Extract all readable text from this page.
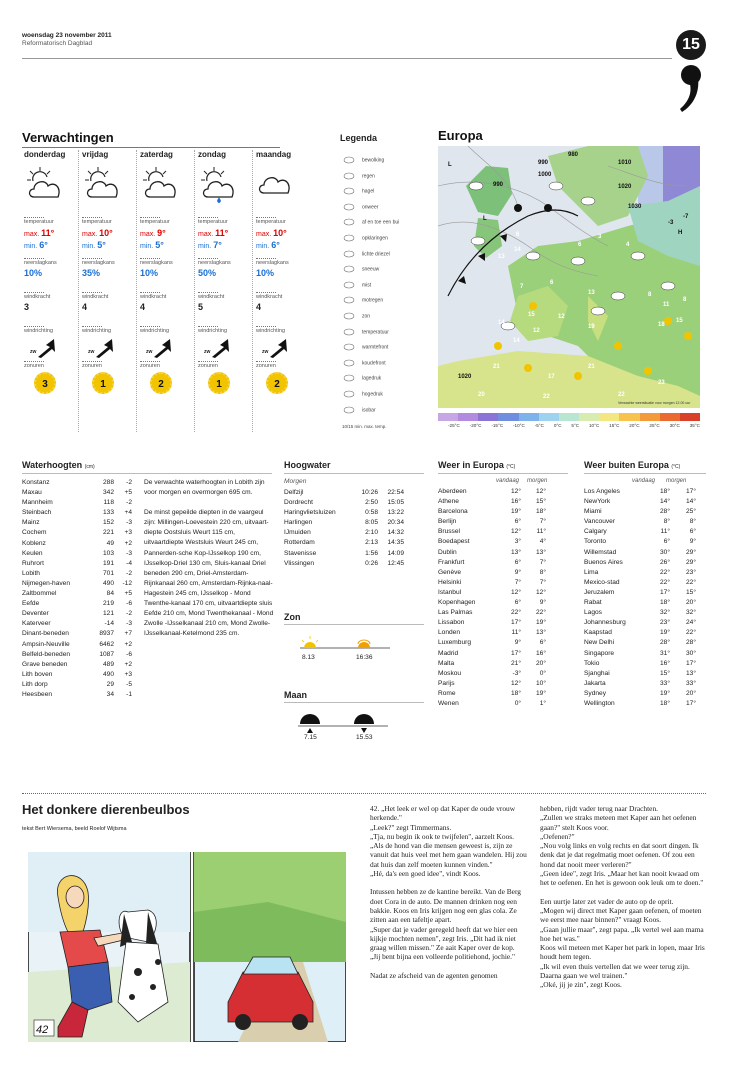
woensdag 23 november 2011
Reformatorisch Dagblad	15
Verwachtingen
donderdag
temperatuur
max. 11°
min. 6°
neerslagkans
10%
windkracht
3
windrichting
zw
zonuren
3
vrijdag
temperatuur
max. 10°
min. 5°
neerslagkans
35%
windkracht
4
windrichting
zw
zonuren
1
zaterdag
temperatuur
max. 9°
min. 5°
neerslagkans
10%
windkracht
4
windrichting
zw
zonuren
2
zondag
temperatuur
max. 11°
min. 7°
neerslagkans
50%
windkracht
5
windrichting
zw
zonuren
1
maandag
temperatuur
max. 10°
min. 6°
neerslagkans
10%
windkracht
4
windrichting
zw
zonuren
2
Legenda
bewolking
regen
hagel
onweer
af en toe een bui
opklaringen
lichte driezel
sneeuw
mist
motregen
zon
temperatuur
warmtefront
koudefront
lagedruk
hogedruk
isobar
10/15 min. max. temp.
Europa
L
L
H
980
990
1000
990
1010
1020
1030
1020
13
6
14
6
3
4
-3
-7
7
6
13	8
11
8
14
15	12
19	18
15
14
12
21
21
17
20	22	22
23
Verwachte weersituatie voor morgen 12.00 uur
-25°C -20°C -15°C -10°C -5°C 0°C 5°C 10°C 15°C 20°C 25°C 30°C 35°C
Waterhoogten (cm)
Konstanz	288	-2
Maxau	342	+5
Mannheim	118	-2
Steinbach	133	+4
Mainz	152	-3
Cochem	221	+3
Koblenz	49	+2
Keulen	103	-3
Ruhrort	191	-4
Lobith	701	-2
Nijmegen-haven	490	-12
Zaltbommel	84	+5
Eefde	219	-6
Deventer	121	-2
Katerveer	-14	-3
Dinant-beneden	8937	+7
Ampsin-Neuville	6462	+2
Belfeld-beneden	1087	-6
Grave beneden	489	+2
Lith boven	490	+3
Lith dorp	29	-5
Heesbeen	34	-1
De verwachte waterhoogten in Lobith zijn voor morgen en overmorgen 695 cm.
De minst gepeilde diepten in de vaargeul zijn: Millingen-Loevestein 220 cm, uitvaart-diepte Oostsluis Weurt 115 cm, uitvaartdiepte Westsluis Weurt 245 cm, Pannerden-sche Kop-IJsselkop 190 cm, IJsselkop-Driel 130 cm, Sluis-kanaal Driel beneden 290 cm, Driel-Amsterdam-Rijnkanaal 260 cm, Amsterdam-Rijnka-naal-Hagestein 245 cm, IJsselkop - Mond Twenthe-kanaal 170 cm, uitvaartdiepte sluis Eefde 210 cm, Mond Twenthekanaal - Mond Zwolle -IJsselkanaal 210 cm, Mond Zwolle-IJsselkanaal-Ketelmond 235 cm.
Hoogwater
Morgen
Delfzijl	10:26	22:54
Dordrecht	2:50	15:05
Haringvlietsluizen	0:58	13:22
Harlingen	8:05	20:34
IJmuiden	2:10	14:32
Rotterdam	2:13	14:35
Stavenisse	1:56	14:09
Vlissingen	0:26	12:45
Zon
8.13	16:36
Maan
7.15	15.53
Weer in Europa (°C)
vandaag morgen
Aberdeen	12°	12°
Athene	16°	15°
Barcelona	19°	18°
Berlijn	6°	7°
Brussel	12°	11°
Boedapest	3°	4°
Dublin	13°	13°
Frankfurt	6°	7°
Genève	9°	8°
Helsinki	7°	7°
Istanbul	12°	12°
Kopenhagen	6°	9°
Las Palmas	22°	22°
Lissabon	17°	19°
Londen	11°	13°
Luxemburg	9°	6°
Madrid	17°	16°
Malta	21°	20°
Moskou	-3°	0°
Parijs	12°	10°
Rome	18°	19°
Wenen	0°	1°
Weer buiten Europa (°C)
vandaag morgen
Los Angeles	18°	17°
NewYork	14°	14°
Miami	28°	25°
Vancouver	8°	8°
Calgary	11°	6°
Toronto	6°	9°
Willemstad	30°	29°
Buenos Aires	26°	29°
Lima	22°	23°
Mexico-stad	22°	22°
Jeruzalem	17°	15°
Rabat	18°	20°
Lagos	32°	32°
Johannesburg	23°	24°
Kaapstad	19°	22°
New Delhi	28°	28°
Singapore	31°	30°
Tokio	16°	17°
Sjanghai	15°	13°
Jakarta	33°	33°
Sydney	19°	20°
Wellington	18°	17°
Het donkere dierenbeulbos
tekst Bert Wiersema, beeld Roelof Wijtsma
42

42. „Het leek er wel op dat Kaper de oude vrouw herkende."
„Leek?" zegt Timmermans.
„Tja, nu begin ik ook te twijfelen", aarzelt Koos.
„Als de hond van die mensen geweest is, zijn ze vanuit dat huis veel met hem gaan wandelen. Hij zou dat huis dan zelf moeten kunnen vinden."
„Hé, da's een goed idee", vindt Koos.

Intussen hebben ze de kantine bereikt. Van de Berg doet Cora in de auto. De mannen drinken nog een bakkie. Koos en Iris krijgen nog een glas cola. Ze zitten aan een tafeltje apart.
„Super dat je vader geregeld heeft dat we hier een kijkje mochten nemen", zegt Iris. „Dit had ik niet graag willen missen." Ze aait Kaper over de kop.
„Jij bent bijna een volleerde politiehond, jochie."

Nadat ze afscheid van de agenten genomen

hebben, rijdt vader terug naar Drachten.
„Zullen we straks meteen met Kaper aan het oefenen gaan?" stelt Koos voor.
„Oefenen?"
„Nou volg links en volg rechts en dat soort dingen. Ik denk dat je dat regelmatig moet oefenen. Of zou een hond dat nooit meer verleren?"
„Geen idee", zegt Iris. „Maar het kan nooit kwaad om het te oefenen. En het is gewoon ook leuk om te doen."

Een uurtje later zet vader de auto op de oprit.
„Mogen wij direct met Kaper gaan oefenen, of moeten we eerst mee naar binnen?" vraagt Koos.
„Gaan jullie maar", zegt papa. „Ik vertel wel aan mama hoe het was."
Koos wil meteen met Kaper het park in lopen, maar Iris houdt hem tegen.
„Ik wil even thuis vertellen dat we weer terug zijn. Daarna gaan we wel trainen."
„Oké, jij je zin", zegt Koos.
